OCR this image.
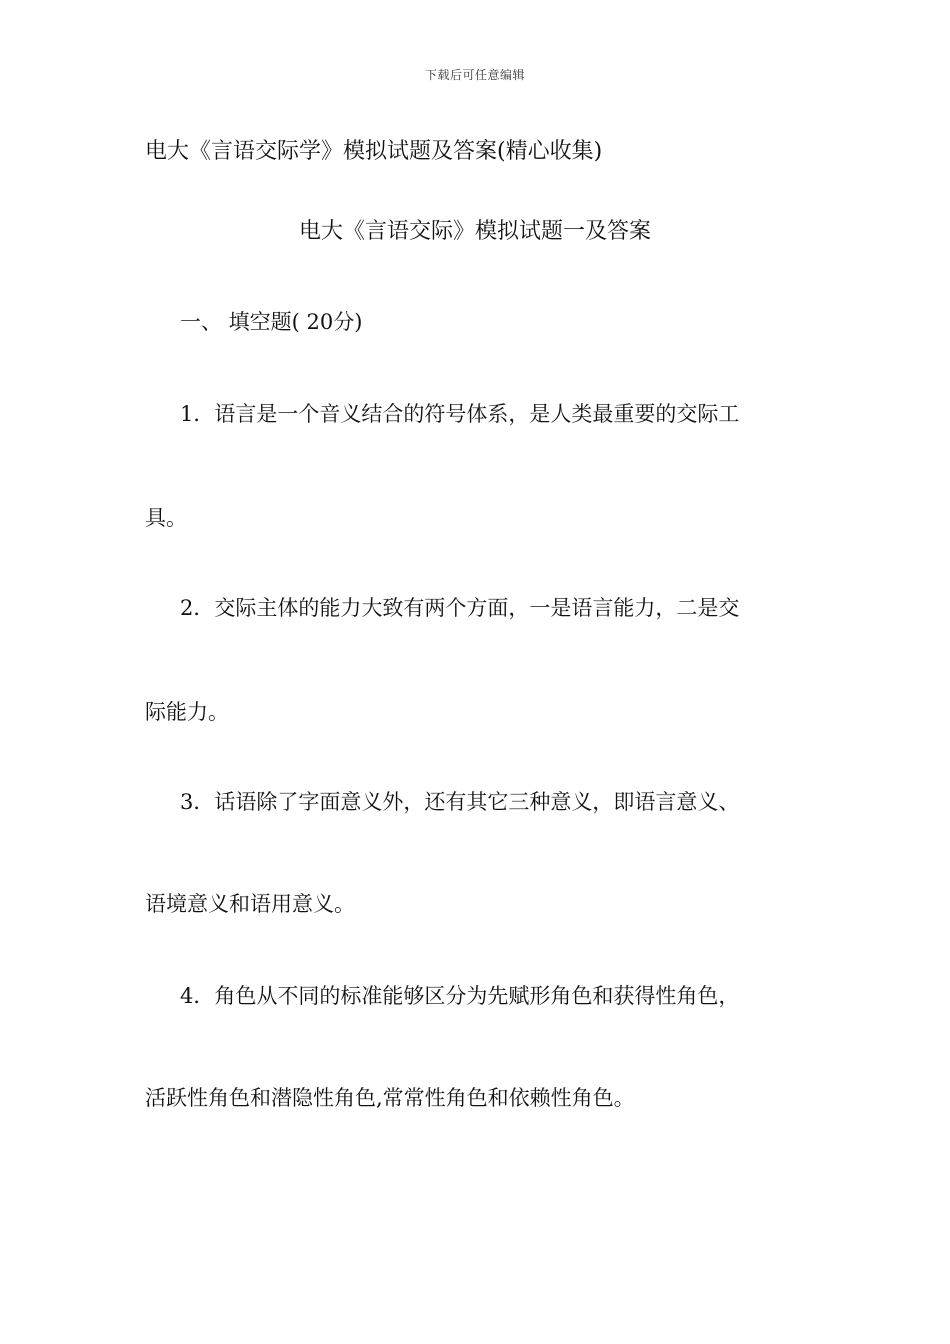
下载后可任意编辑
电大《言语交际学》模拟试题及答案(精心收集)
电大《言语交际》模拟试题一及答案
一、 填空题( 20分)
1．语言是一个音义结合的符号体系，是人类最重要的交际工
具。
2．交际主体的能力大致有两个方面，一是语言能力，二是交
际能力。
3．话语除了字面意义外，还有其它三种意义，即语言意义、
语境意义和语用意义。
4．角色从不同的标准能够区分为先赋形角色和获得性角色，
活跃性角色和潜隐性角色,常常性角色和依赖性角色。
